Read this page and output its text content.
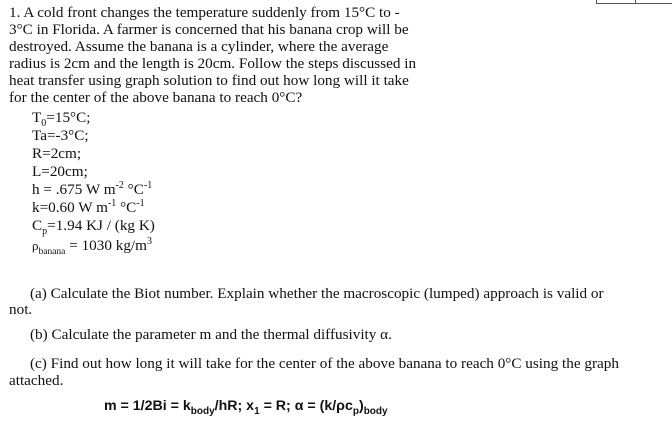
1. A cold front changes the temperature suddenly from 15°C to -
3°C in Florida. A farmer is concerned that his banana crop will be
destroyed. Assume the banana is a cylinder, where the average
radius is 2cm and the length is 20cm. Follow the steps discussed in
heat transfer using graph solution to find out how long will it take
for the center of the above banana to reach 0°C?
$T_0=15^\circ C$;
Ta=-3°C;
R=2cm;
L=20cm;
h = .675 W $m^{-2}$ $^\circ C^{-1}$
k=0.60 W $m^{-1}$ $^\circ C^{-1}$
$C_p=1.94$ KJ / (kg K)
$\rho_{banana} = 1030$ $kg/m^3$
(a) Calculate the Biot number. Explain whether the macroscopic (lumped) approach is valid or
not.
(b) Calculate the parameter m and the thermal diffusivity α.
(c) Find out how long it will take for the center of the above banana to reach 0°C using the graph
attached.
$m = 1/2Bi = k_{body}/hR$; $x_1 = R$; $\alpha = (k/\rho c_p)_{body}$
